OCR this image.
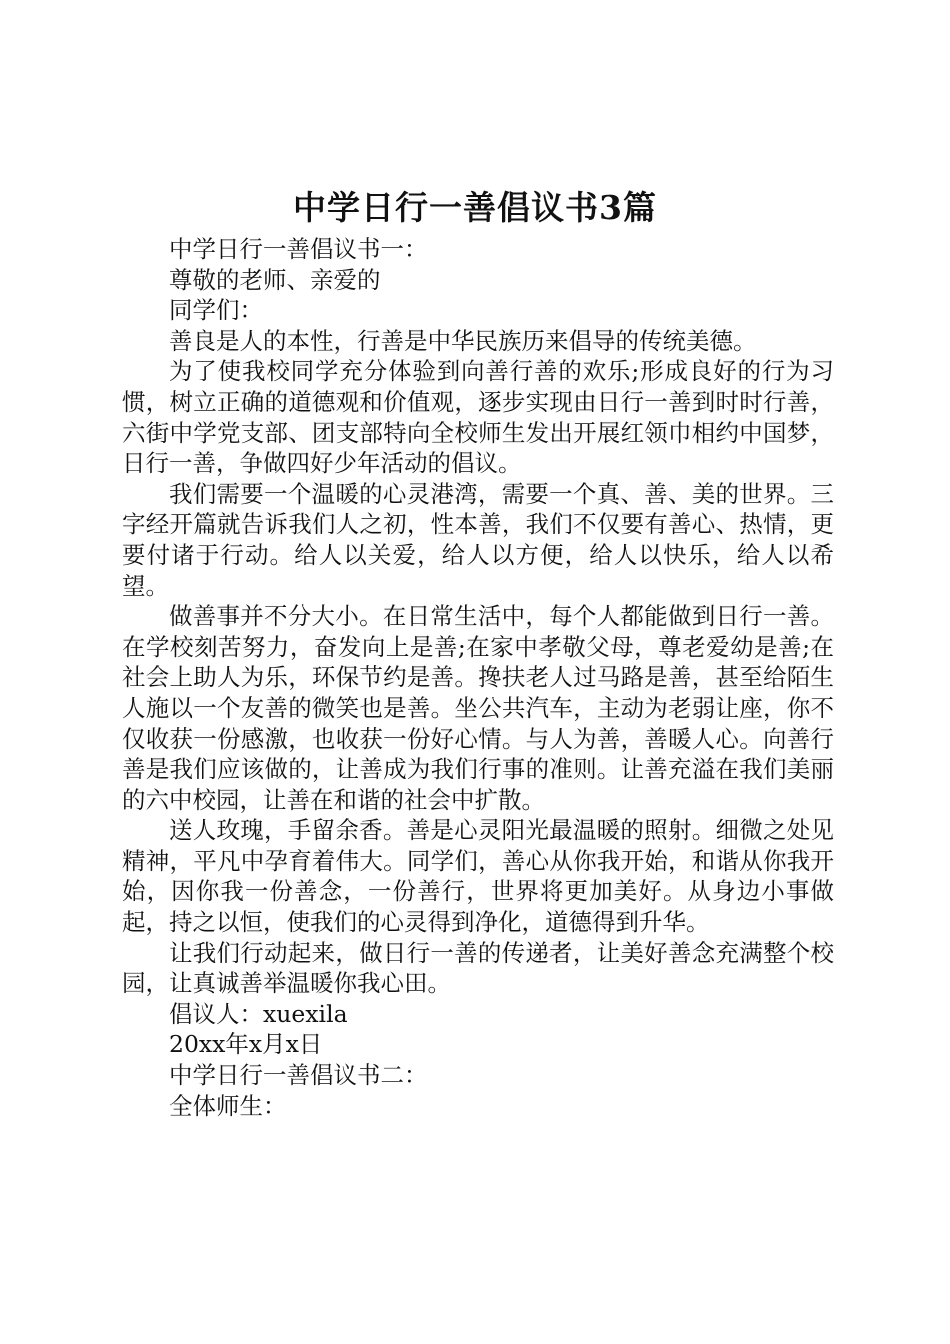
中学日行一善倡议书3篇

中学日行一善倡议书一：

尊敬的老师、亲爱的

同学们：

善良是人的本性，行善是中华民族历来倡导的传统美德。

为了使我校同学充分体验到向善行善的欢乐;形成良好的行为习惯，树立正确的道德观和价值观，逐步实现由日行一善到时时行善，六街中学党支部、团支部特向全校师生发出开展红领巾相约中国梦，日行一善，争做四好少年活动的倡议。

我们需要一个温暖的心灵港湾，需要一个真、善、美的世界。三字经开篇就告诉我们人之初，性本善，我们不仅要有善心、热情，更要付诸于行动。给人以关爱，给人以方便，给人以快乐，给人以希望。

做善事并不分大小。在日常生活中，每个人都能做到日行一善。在学校刻苦努力，奋发向上是善;在家中孝敬父母，尊老爱幼是善;在社会上助人为乐，环保节约是善。搀扶老人过马路是善，甚至给陌生人施以一个友善的微笑也是善。坐公共汽车，主动为老弱让座，你不仅收获一份感激，也收获一份好心情。与人为善，善暖人心。向善行善是我们应该做的，让善成为我们行事的准则。让善充溢在我们美丽的六中校园，让善在和谐的社会中扩散。

送人玫瑰，手留余香。善是心灵阳光最温暖的照射。细微之处见精神，平凡中孕育着伟大。同学们，善心从你我开始，和谐从你我开始，因你我一份善念，一份善行，世界将更加美好。从身边小事做起，持之以恒，使我们的心灵得到净化，道德得到升华。

让我们行动起来，做日行一善的传递者，让美好善念充满整个校园，让真诚善举温暖你我心田。

倡议人：xuexila

20xx年x月x日

中学日行一善倡议书二：

全体师生：
